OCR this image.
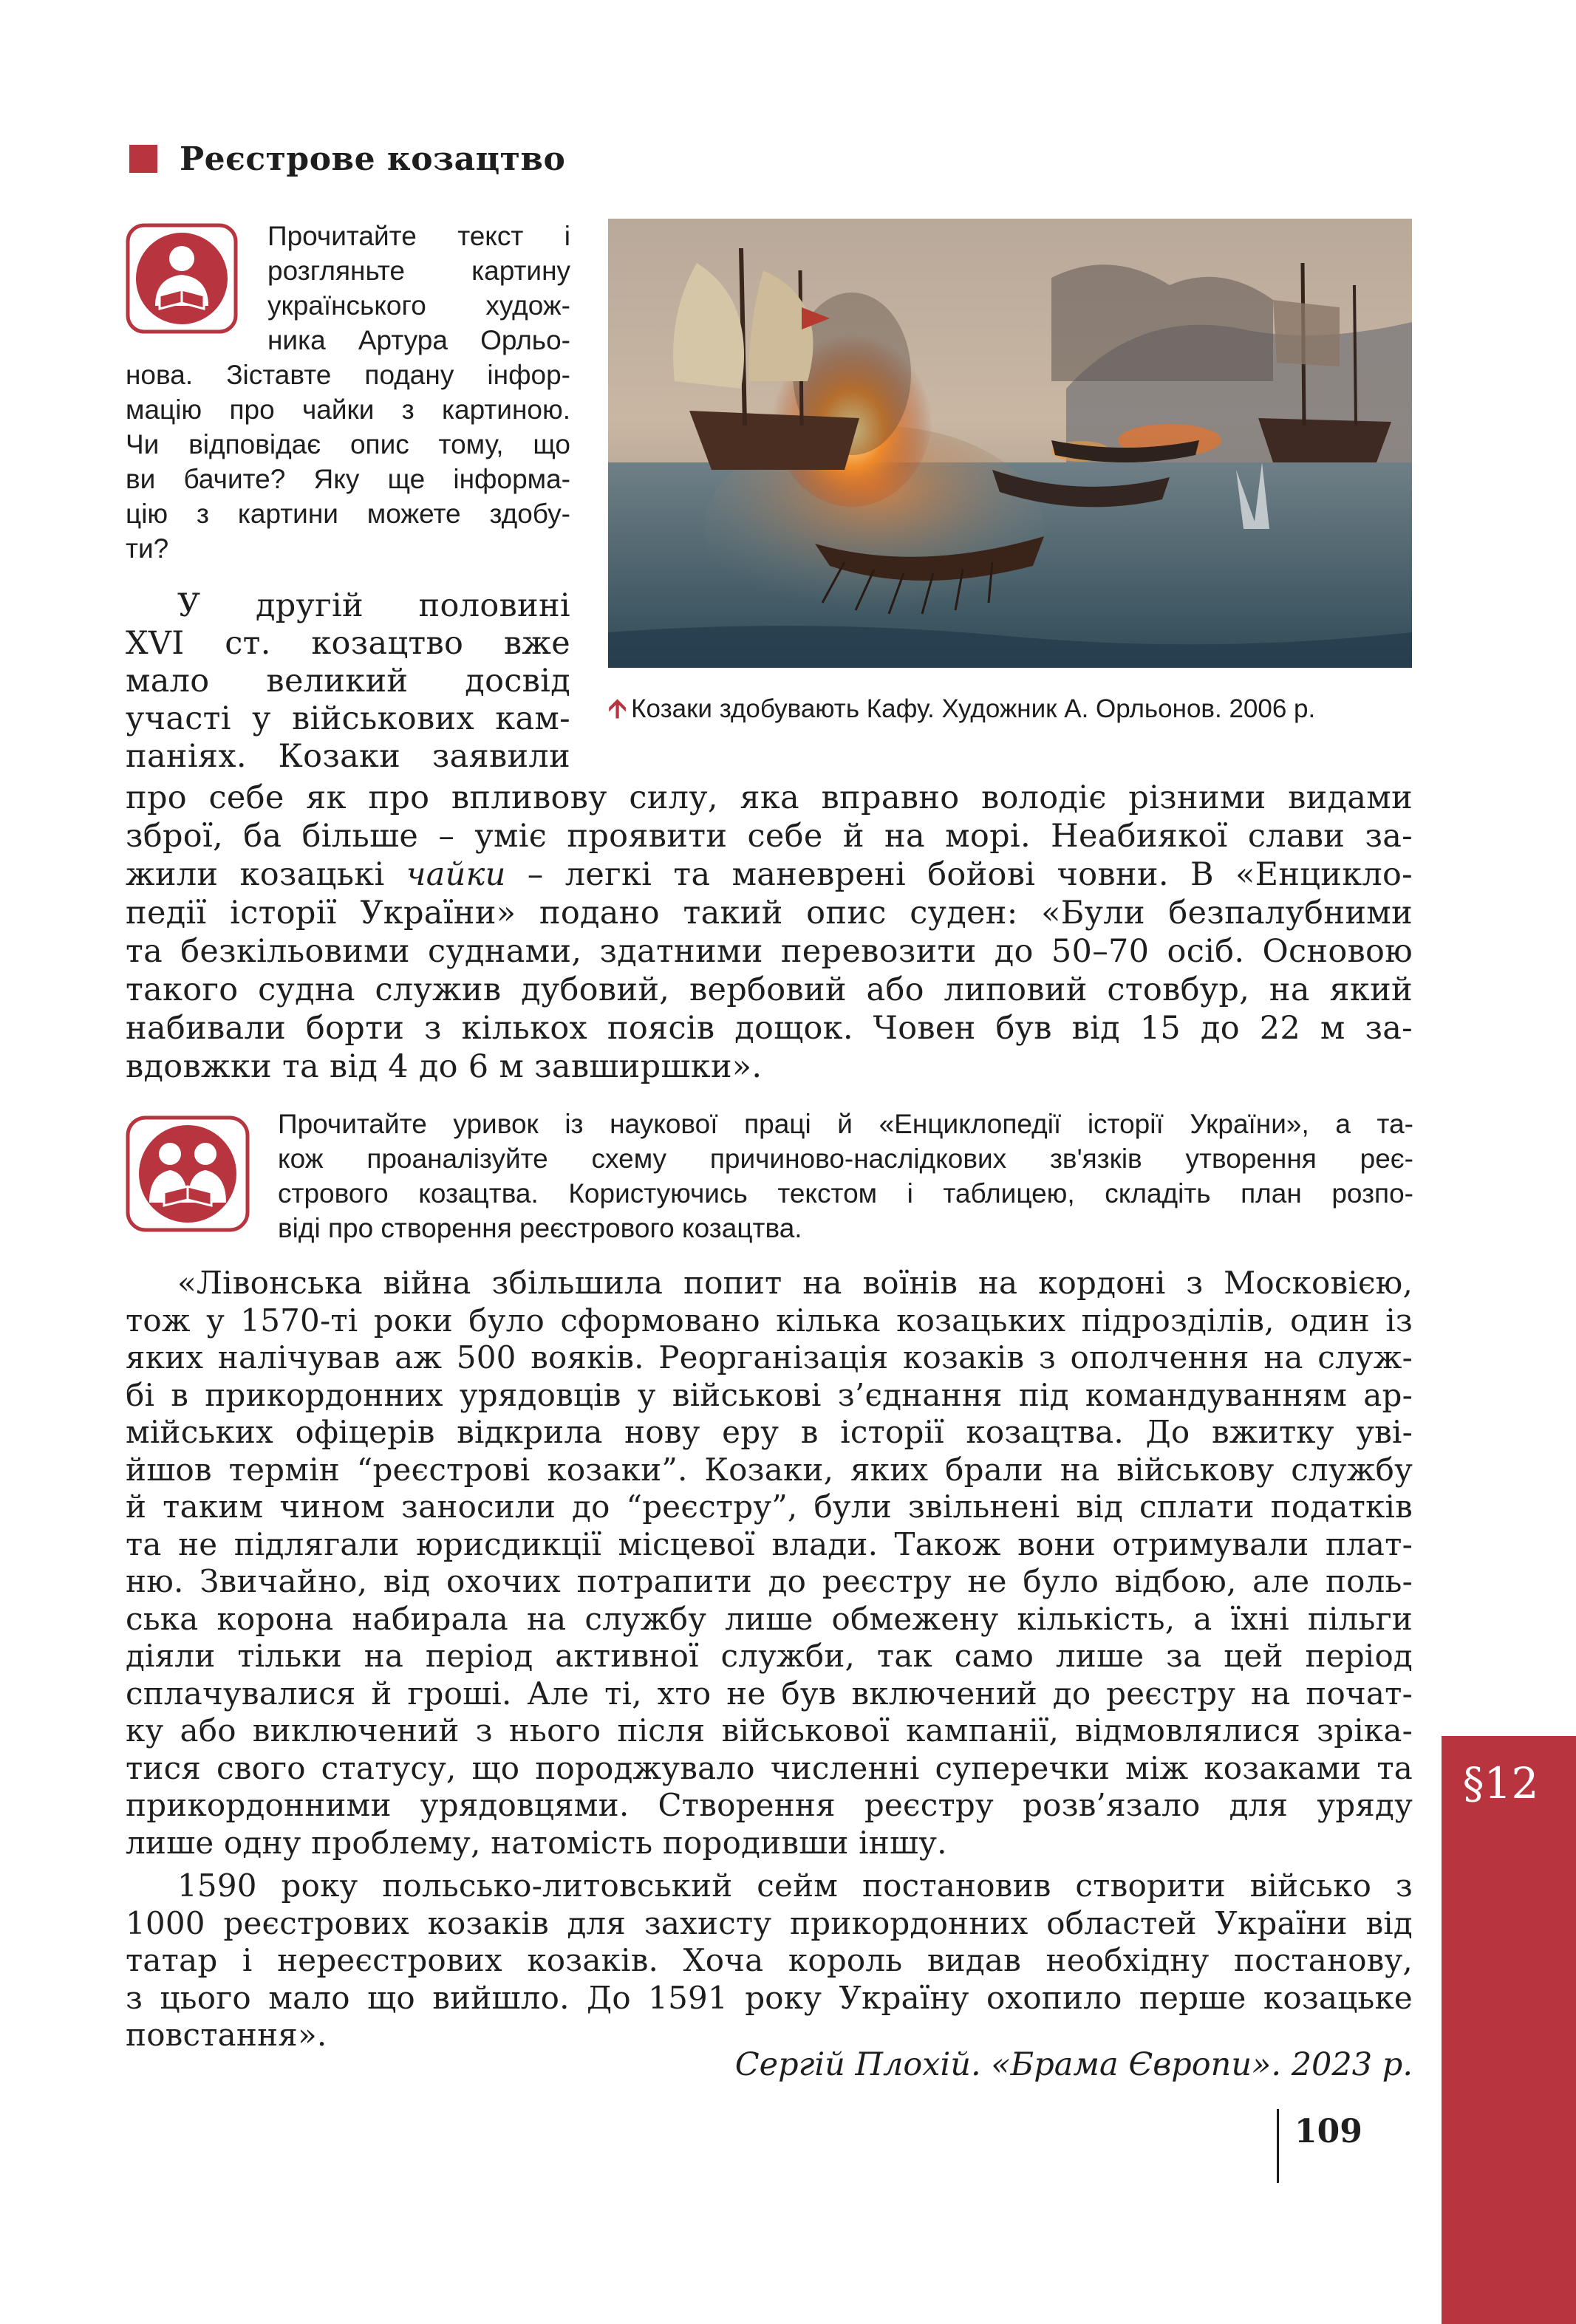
Реєстрове козацтво

Прочитайте текст і

розгляньте картину

українського худож-

ника Артура Орльо-

нова. Зіставте подану інфор-

мацію про чайки з картиною.

Чи відповідає опис тому, що

ви бачите? Яку ще інформа-

цію з картини можете здобу-

ти?

🡩 Козаки здобувають Кафу. Художник А. Орльонов. 2006 р.

У другій половині

XVI ст. козацтво вже

мало великий досвід

участі у військових кам-

паніях. Козаки заявили

про себе як про впливову силу, яка вправно володіє різними видами

зброї, ба більше – уміє проявити себе й на морі. Неабиякої слави за-

жили козацькі чайки – легкі та маневрені бойові човни. В «Енцикло-

педії історії України» подано такий опис суден: «Були безпалубними

та безкільовими суднами, здатними перевозити до 50–70 осіб. Основою

такого судна служив дубовий, вербовий або липовий стовбур, на який

набивали борти з кількох поясів дощок. Човен був від 15 до 22 м за-

вдовжки та від 4 до 6 м завширшки».

Прочитайте уривок із наукової праці й «Енциклопедії історії України», а та-

кож проаналізуйте схему причиново-наслідкових зв'язків утворення реє-

стрового козацтва. Користуючись текстом і таблицею, складіть план розпо-

віді про створення реєстрового козацтва.

«Лівонська війна збільшила попит на воїнів на кордоні з Московією,

тож у 1570-ті роки було сформовано кілька козацьких підрозділів, один із

яких налічував аж 500 вояків. Реорганізація козаків з ополчення на служ-

бі в прикордонних урядовців у військові з’єднання під командуванням ар-

мійських офіцерів відкрила нову еру в історії козацтва. До вжитку уві-

йшов термін “реєстрові козаки”. Козаки, яких брали на військову службу

й таким чином заносили до “реєстру”, були звільнені від сплати податків

та не підлягали юрисдикції місцевої влади. Також вони отримували плат-

ню. Звичайно, від охочих потрапити до реєстру не було відбою, але поль-

ська корона набирала на службу лише обмежену кількість, а їхні пільги

діяли тільки на період активної служби, так само лише за цей період

сплачувалися й гроші. Але ті, хто не був включений до реєстру на почат-

ку або виключений з нього після військової кампанії, відмовлялися зріка-

тися свого статусу, що породжувало численні суперечки між козаками та

прикордонними урядовцями. Створення реєстру розв’язало для уряду

лише одну проблему, натомість породивши іншу.

1590 року польсько-литовський сейм постановив створити військо з

1000 реєстрових козаків для захисту прикордонних областей України від

татар і нереєстрових козаків. Хоча король видав необхідну постанову,

з цього мало що вийшло. До 1591 року Україну охопило перше козацьке

повстання».

Сергій Плохій. «Брама Європи». 2023 р.
§12
109
